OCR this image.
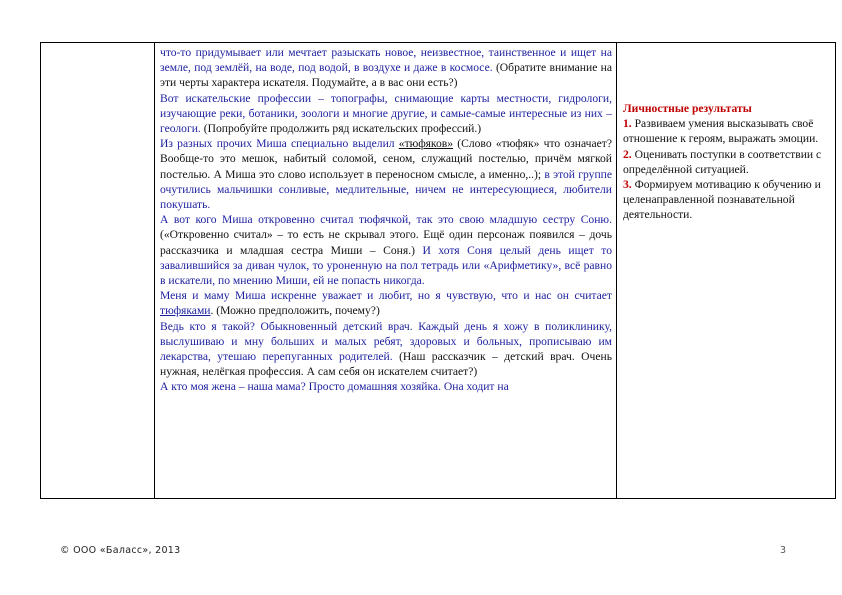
что-то придумывает или мечтает разыскать новое, неизвестное, таинственное и ищет на земле, под землёй, на воде, под водой, в воздухе и даже в космосе. (Обратите внимание на эти черты характера искателя. Подумайте, а в вас они есть?)

Вот искательские профессии – топографы, снимающие карты местности, гидрологи, изучающие реки, ботаники, зоологи и многие другие, и самые-самые интересные из них – геологи. (Попробуйте продолжить ряд искательских профессий.)

Из разных прочих Миша специально выделил «тюфяков» (Слово «тюфяк» что означает? Вообще-то это мешок, набитый соломой, сеном, служащий постелью, причём мягкой постелью. А Миша это слово использует в переносном смысле, а именно,..); в этой группе очутились мальчишки сонливые, медлительные, ничем не интересующиеся, любители покушать.

А вот кого Миша откровенно считал тюфячкой, так это свою младшую сестру Соню. («Откровенно считал» – то есть не скрывал этого. Ещё один персонаж появился – дочь рассказчика и младшая сестра Миши – Соня.) И хотя Соня целый день ищет то завалившийся за диван чулок, то уроненную на пол тетрадь или «Арифметику», всё равно в искатели, по мнению Миши, ей не попасть никогда.

Меня и маму Миша искренне уважает и любит, но я чувствую, что и нас он считает тюфяками. (Можно предположить, почему?)

Ведь кто я такой? Обыкновенный детский врач. Каждый день я хожу в поликлинику, выслушиваю и мну больших и малых ребят, здоровых и больных, прописываю им лекарства, утешаю перепуганных родителей. (Наш рассказчик – детский врач. Очень нужная, нелёгкая профессия. А сам себя он искателем считает?)

А кто моя жена – наша мама? Просто домашняя хозяйка. Она ходит на

Личностные результаты
1. Развиваем умения высказывать своё отношение к героям, выражать эмоции.
2. Оценивать поступки в соответствии с определённой ситуацией.
3. Формируем мотивацию к обучению и целенаправленной познавательной деятельности.

© ООО «Баласс», 2013	3
